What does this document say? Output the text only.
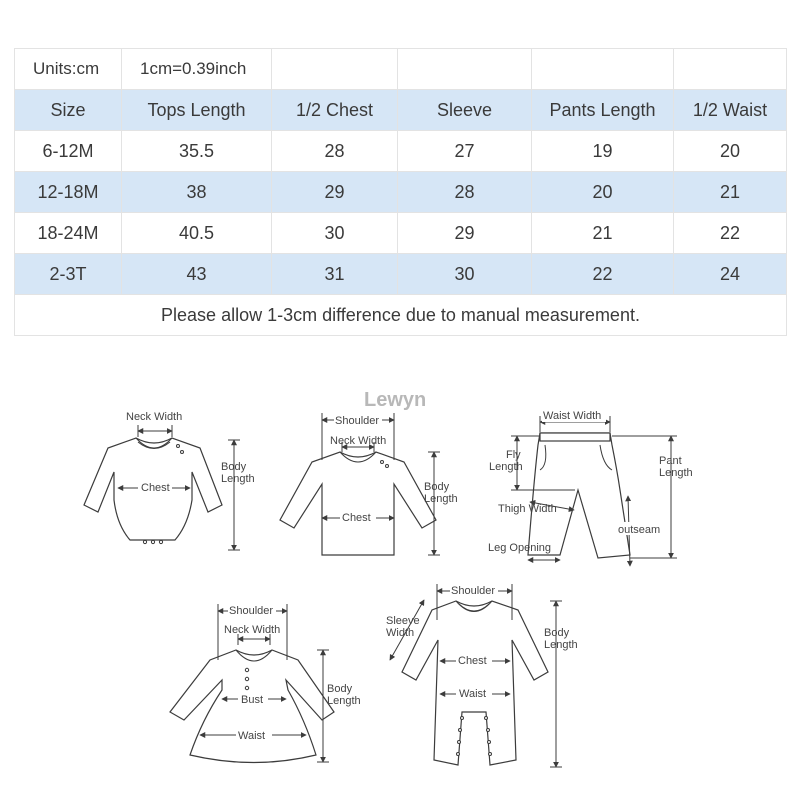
Units:cm	1cm=0.39inch				
Size	Tops Length	1/2 Chest	Sleeve	Pants Length	1/2 Waist
6-12M	35.5	28	27	19	20
12-18M	38	29	28	20	21
18-24M	40.5	30	29	21	22
2-3T	43	31	30	22	24
Please allow 1-3cm difference due to manual measurement.					
Lewyn
Neck Width
Chest
Body
Length
Shoulder
Neck Width
Chest
Body
Length
Waist Width
Fly
Length	Pant
Length
Thigh Width
outseam
Leg Opening
Shoulder
Neck Width
Bust
Waist
Body
Length
Shoulder
Sleeve
Width
Chest
Waist
Body
Length
